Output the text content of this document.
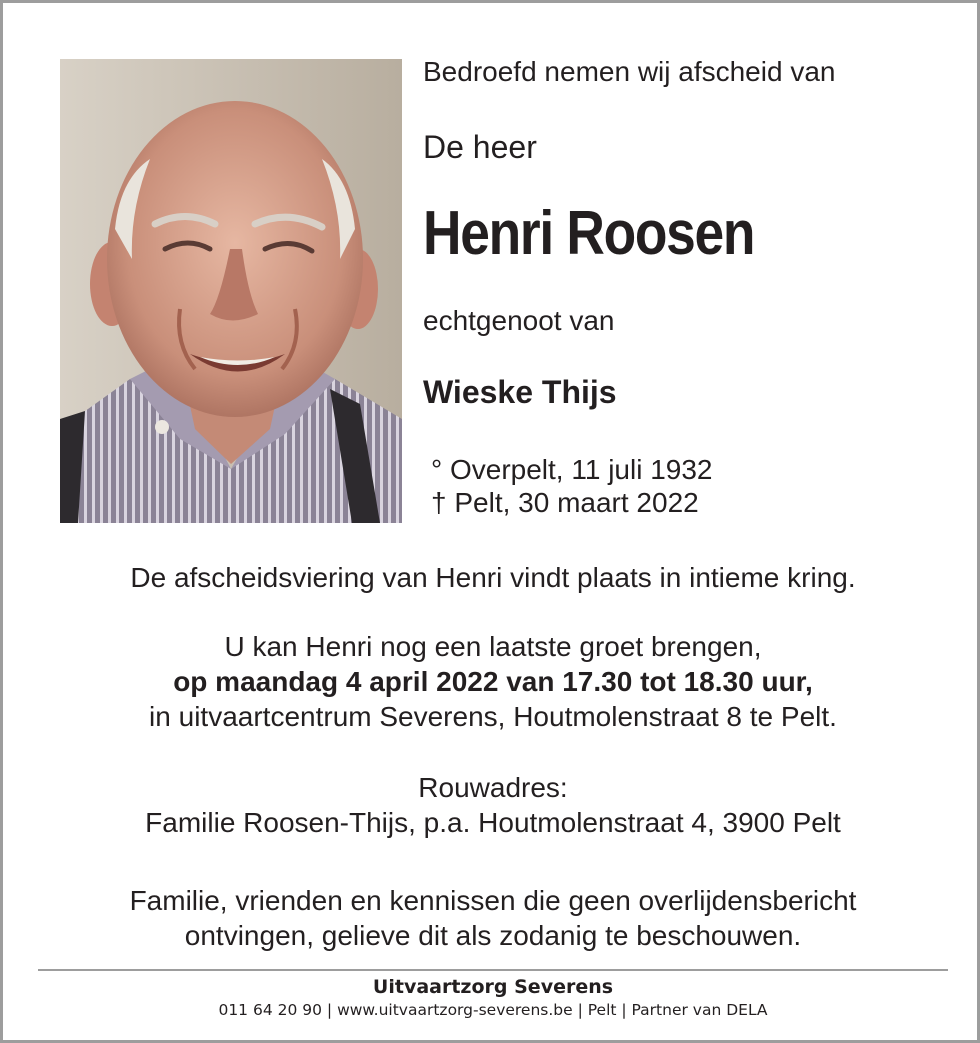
Bedroefd nemen wij afscheid van
De heer
Henri Roosen
echtgenoot van
Wieske Thijs
° Overpelt, 11 juli 1932
† Pelt, 30 maart 2022
De afscheidsviering van Henri vindt plaats in intieme kring.
U kan Henri nog een laatste groet brengen,
op maandag 4 april 2022 van 17.30 tot 18.30 uur,
in uitvaartcentrum Severens, Houtmolenstraat 8 te Pelt.
Rouwadres:
Familie Roosen-Thijs, p.a. Houtmolenstraat 4, 3900 Pelt
Familie, vrienden en kennissen die geen overlijdensbericht
ontvingen, gelieve dit als zodanig te beschouwen.
Uitvaartzorg Severens
011 64 20 90 | www.uitvaartzorg-severens.be | Pelt | Partner van DELA
